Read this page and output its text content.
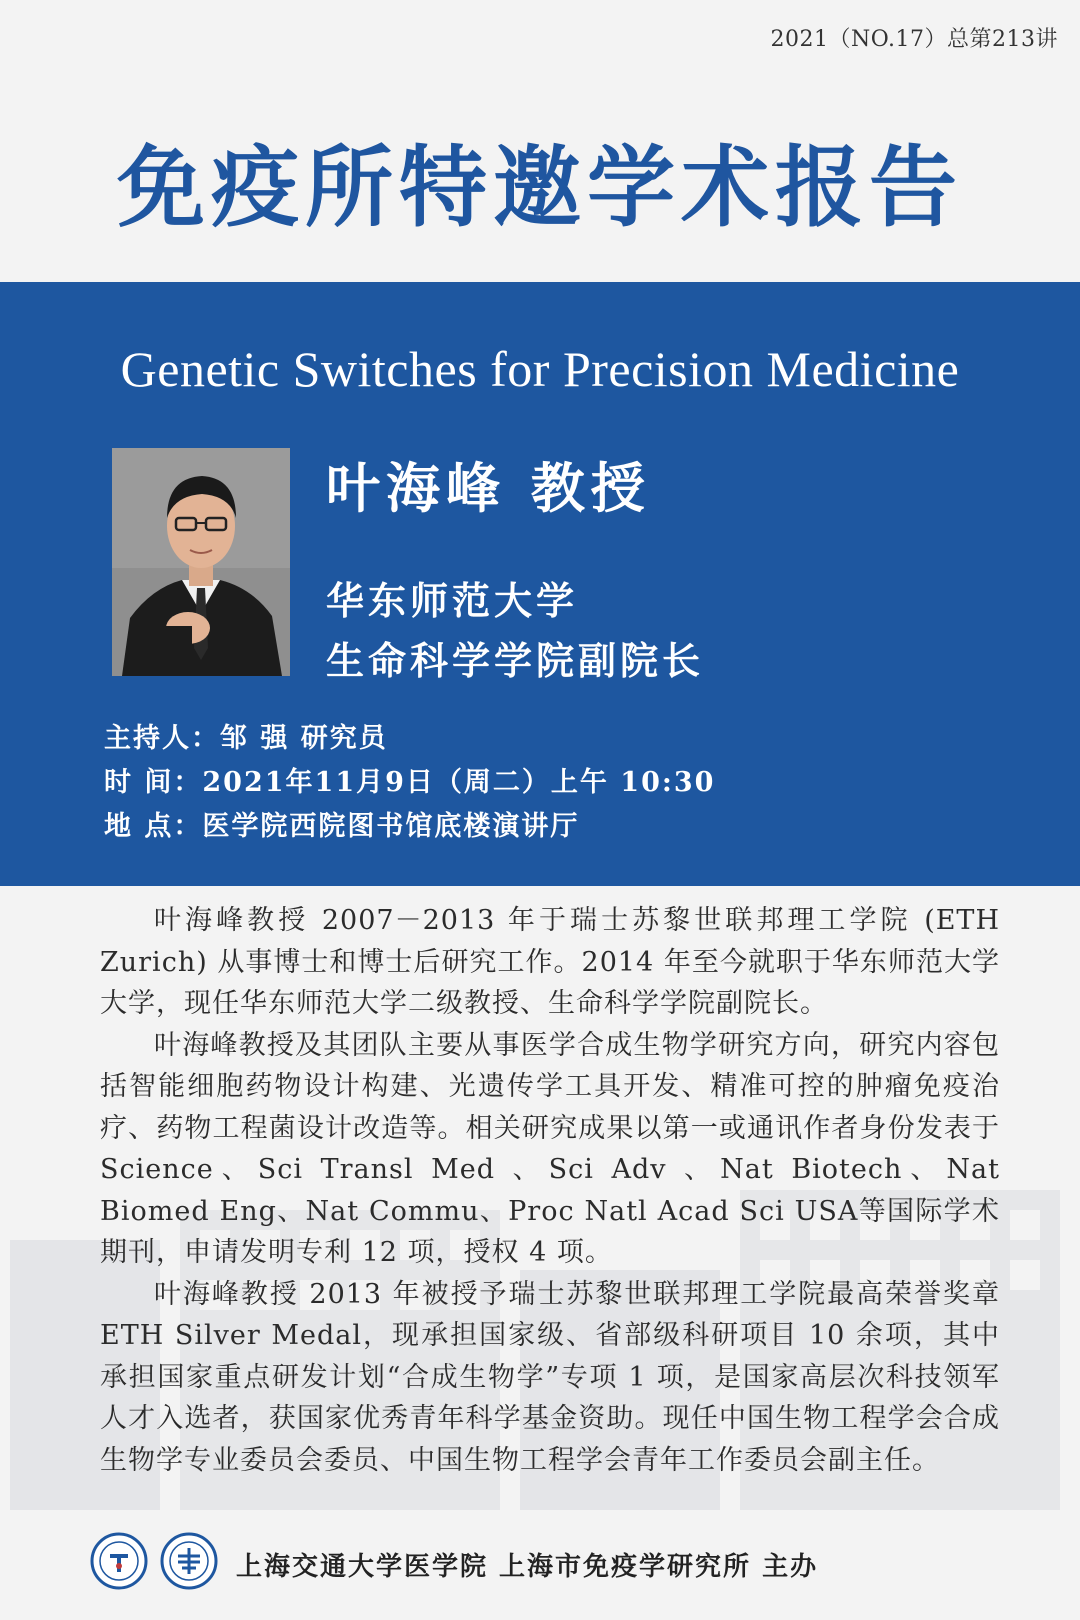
2021（NO.17）总第213讲
免疫所特邀学术报告
Genetic Switches for Precision Medicine
叶海峰 教授
华东师范大学
生命科学学院副院长
主持人：邹 强 研究员
时 间：2021年11月9日（周二）上午 10:30
地 点：医学院西院图书馆底楼演讲厅

叶海峰教授 2007－2013 年于瑞士苏黎世联邦理工学院 (ETH Zurich) 从事博士和博士后研究工作。2014 年至今就职于华东师范大学大学，现任华东师范大学二级教授、生命科学学院副院长。

叶海峰教授及其团队主要从事医学合成生物学研究方向，研究内容包括智能细胞药物设计构建、光遗传学工具开发、精准可控的肿瘤免疫治疗、药物工程菌设计改造等。相关研究成果以第一或通讯作者身份发表于Science、Sci Transl Med 、Sci Adv 、Nat Biotech、Nat Biomed Eng、Nat Commu、Proc Natl Acad Sci USA等国际学术期刊，申请发明专利 12 项，授权 4 项。

叶海峰教授 2013 年被授予瑞士苏黎世联邦理工学院最高荣誉奖章 ETH Silver Medal，现承担国家级、省部级科研项目 10 余项，其中承担国家重点研发计划“合成生物学”专项 1 项，是国家高层次科技领军人才入选者，获国家优秀青年科学基金资助。现任中国生物工程学会合成生物学专业委员会委员、中国生物工程学会青年工作委员会副主任。

上海交通大学医学院 上海市免疫学研究所 主办
